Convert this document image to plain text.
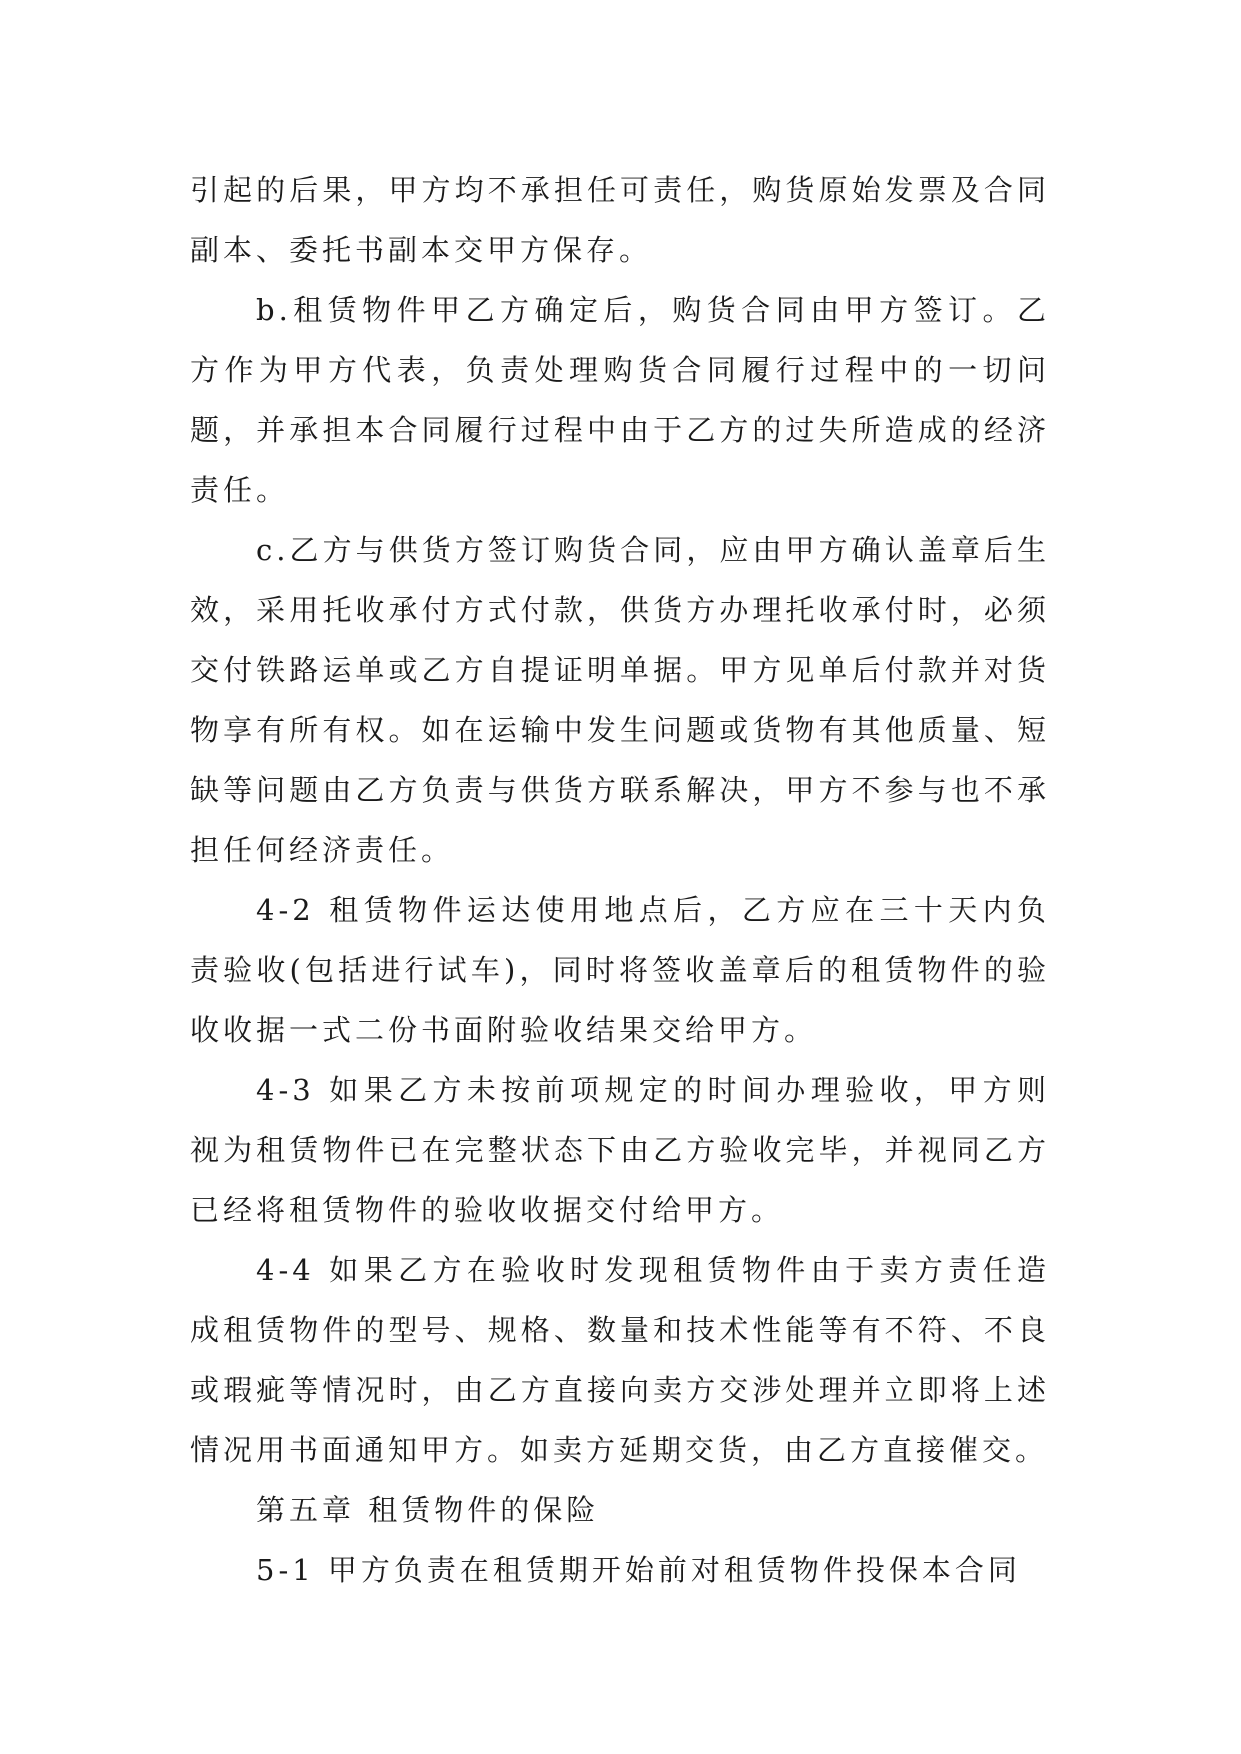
引起的后果，甲方均不承担任可责任，购货原始发票及合同副本、委托书副本交甲方保存。

b.租赁物件甲乙方确定后，购货合同由甲方签订。乙方作为甲方代表，负责处理购货合同履行过程中的一切问题，并承担本合同履行过程中由于乙方的过失所造成的经济责任。

c.乙方与供货方签订购货合同，应由甲方确认盖章后生效，采用托收承付方式付款，供货方办理托收承付时，必须交付铁路运单或乙方自提证明单据。甲方见单后付款并对货物享有所有权。如在运输中发生问题或货物有其他质量、短缺等问题由乙方负责与供货方联系解决，甲方不参与也不承担任何经济责任。

4-2 租赁物件运达使用地点后，乙方应在三十天内负责验收(包括进行试车)，同时将签收盖章后的租赁物件的验收收据一式二份书面附验收结果交给甲方。

4-3 如果乙方未按前项规定的时间办理验收，甲方则视为租赁物件已在完整状态下由乙方验收完毕，并视同乙方已经将租赁物件的验收收据交付给甲方。

4-4 如果乙方在验收时发现租赁物件由于卖方责任造成租赁物件的型号、规格、数量和技术性能等有不符、不良或瑕疵等情况时，由乙方直接向卖方交涉处理并立即将上述情况用书面通知甲方。如卖方延期交货，由乙方直接催交。

第五章 租赁物件的保险

5-1 甲方负责在租赁期开始前对租赁物件投保本合同
